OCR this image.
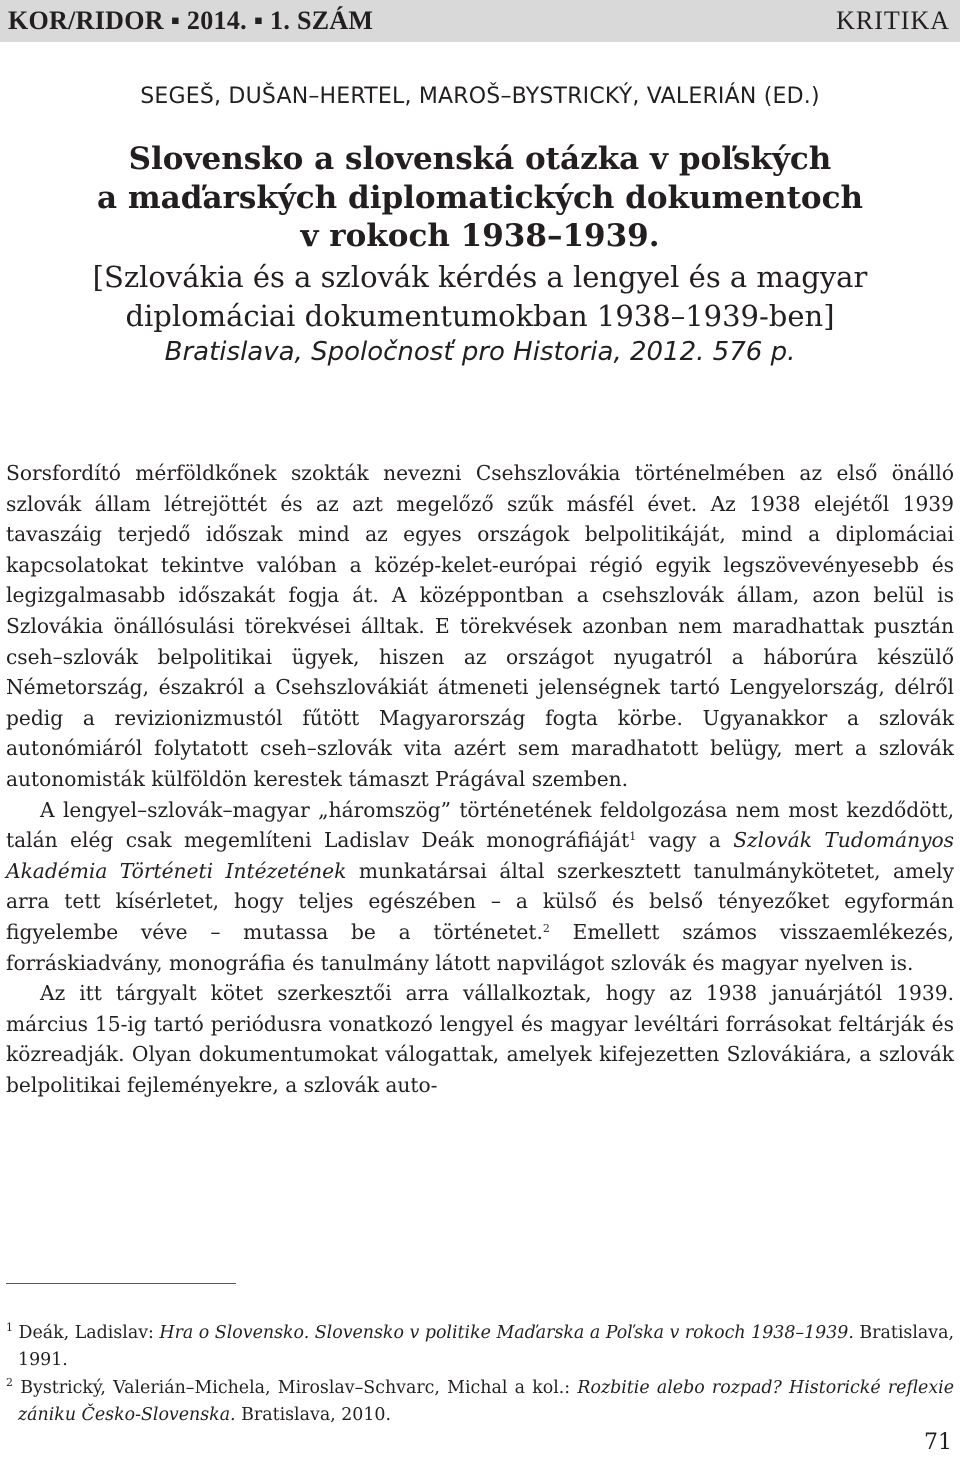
KOR/RIDOR ▪ 2014. ▪ 1. SZÁM	KRITIKA
SEGEŠ, DUŠAN–HERTEL, MAROŠ–BYSTRICKÝ, VALERIÁN (ED.)
Slovensko a slovenská otázka v poľských
a maďarských diplomatických dokumentoch
v rokoch 1938–1939.
[Szlovákia és a szlovák kérdés a lengyel és a magyar
diplomáciai dokumentumokban 1938–1939-ben]
Bratislava, Spoločnosť pro Historia, 2012. 576 p.

Sorsfordító mérföldkőnek szokták nevezni Csehszlovákia történelmében az első önálló szlovák állam létrejöttét és az azt megelőző szűk másfél évet. Az 1938 elejétől 1939 tavaszáig terjedő időszak mind az egyes országok belpolitikáját, mind a diplomáciai kapcsolatokat tekintve valóban a közép-kelet-európai régió egyik legszövevényesebb és legizgalmasabb időszakát fogja át. A középpontban a csehszlovák állam, azon belül is Szlovákia önállósulási törekvései álltak. E törekvések azonban nem maradhattak pusztán cseh–szlovák belpolitikai ügyek, hiszen az országot nyugatról a háborúra készülő Németország, északról a Csehszlovákiát átmeneti jelenségnek tartó Lengyelország, délről pedig a revizionizmustól fűtött Magyarország fogta körbe. Ugyanakkor a szlovák autonómiáról folytatott cseh–szlovák vita azért sem maradhatott belügy, mert a szlovák autonomisták külföldön kerestek támaszt Prágával szemben.

A lengyel–szlovák–magyar „háromszög” történetének feldolgozása nem most kezdődött, talán elég csak megemlíteni Ladislav Deák monográfiáját$^1$ vagy a Szlovák Tudományos Akadémia Történeti Intézetének munkatársai által szerkesztett tanulmánykötetet, amely arra tett kísérletet, hogy teljes egészében – a külső és belső tényezőket egyformán figyelembe véve – mutassa be a történetet.$^2$ Emellett számos visszaemlékezés, forráskiadvány, monográfia és tanulmány látott napvilágot szlovák és magyar nyelven is.

Az itt tárgyalt kötet szerkesztői arra vállalkoztak, hogy az 1938 januárjától 1939. március 15-ig tartó periódusra vonatkozó lengyel és magyar levéltári forrásokat feltárják és közreadják. Olyan dokumentumokat válogattak, amelyek kifejezetten Szlovákiára, a szlovák belpolitikai fejleményekre, a szlovák auto-

$^1$ Deák, Ladislav: Hra o Slovensko. Slovensko v politike Maďarska a Poľska v rokoch 1938–1939. Bratislava, 1991.
$^2$ Bystrický, Valerián–Michela, Miroslav–Schvarc, Michal a kol.: Rozbitie alebo rozpad? Historické reflexie zániku Česko-Slovenska. Bratislava, 2010.
71
